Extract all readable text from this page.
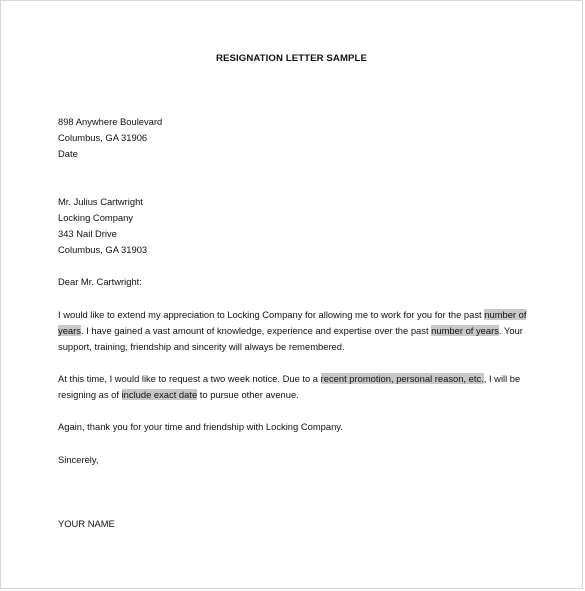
RESIGNATION LETTER SAMPLE
898 Anywhere Boulevard
Columbus, GA 31906
Date
Mr. Julius Cartwright
Locking Company
343 Nail Drive
Columbus, GA 31903
Dear Mr. Cartwright:
I would like to extend my appreciation to Locking Company for allowing me to work for you for the past number of
years. I have gained a vast amount of knowledge, experience and expertise over the past number of years. Your
support, training, friendship and sincerity will always be remembered.
At this time, I would like to request a two week notice. Due to a recent promotion, personal reason, etc., I will be
resigning as of include exact date to pursue other avenue.
Again, thank you for your time and friendship with Locking Company.
Sincerely,
YOUR NAME
